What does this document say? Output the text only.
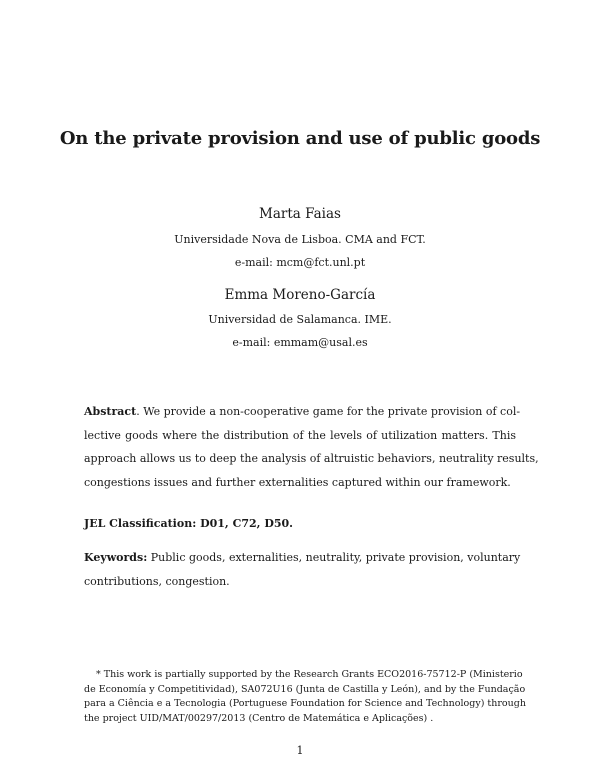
On the private provision and use of public goods
Marta Faias
Universidade Nova de Lisboa. CMA and FCT.
e-mail: mcm@fct.unl.pt
Emma Moreno-García
Universidad de Salamanca. IME.
e-mail: emmam@usal.es
Abstract. We provide a non-cooperative game for the private provision of col-
lective goods where the distribution of the levels of utilization matters. This
approach allows us to deep the analysis of altruistic behaviors, neutrality results,
congestions issues and further externalities captured within our framework.
JEL Classification: D01, C72, D50.
Keywords: Public goods, externalities, neutrality, private provision, voluntary
contributions, congestion.
* This work is partially supported by the Research Grants ECO2016-75712-P (Ministerio
de Economía y Competitividad), SA072U16 (Junta de Castilla y León), and by the Fundação
para a Ciência e a Tecnologia (Portuguese Foundation for Science and Technology) through
the project UID/MAT/00297/2013 (Centro de Matemática e Aplicações) .
1
